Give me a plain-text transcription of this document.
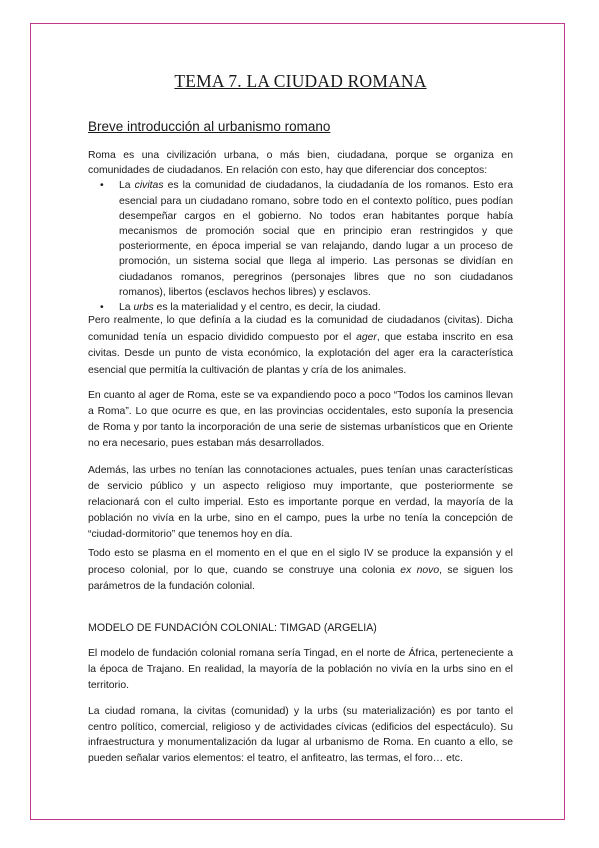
TEMA 7. LA CIUDAD ROMANA
Breve introducción al urbanismo romano

Roma es una civilización urbana, o más bien, ciudadana, porque se organiza en comunidades de ciudadanos. En relación con esto, hay que diferenciar dos conceptos:

• La civitas es la comunidad de ciudadanos, la ciudadanía de los romanos. Esto era esencial para un ciudadano romano, sobre todo en el contexto político, pues podían desempeñar cargos en el gobierno. No todos eran habitantes porque había mecanismos de promoción social que en principio eran restringidos y que posteriormente, en época imperial se van relajando, dando lugar a un proceso de promoción, un sistema social que llega al imperio. Las personas se dividían en ciudadanos romanos, peregrinos (personajes libres que no son ciudadanos romanos), libertos (esclavos hechos libres) y esclavos.
• La urbs es la materialidad y el centro, es decir, la ciudad.

Pero realmente, lo que definía a la ciudad es la comunidad de ciudadanos (civitas). Dicha comunidad tenía un espacio dividido compuesto por el ager, que estaba inscrito en esa civitas. Desde un punto de vista económico, la explotación del ager era la característica esencial que permitía la cultivación de plantas y cría de los animales.

En cuanto al ager de Roma, este se va expandiendo poco a poco “Todos los caminos llevan a Roma”. Lo que ocurre es que, en las provincias occidentales, esto suponía la presencia de Roma y por tanto la incorporación de una serie de sistemas urbanísticos que en Oriente no era necesario, pues estaban más desarrollados.

Además, las urbes no tenían las connotaciones actuales, pues tenían unas características de servicio público y un aspecto religioso muy importante, que posteriormente se relacionará con el culto imperial. Esto es importante porque en verdad, la mayoría de la población no vivía en la urbe, sino en el campo, pues la urbe no tenía la concepción de “ciudad-dormitorio” que tenemos hoy en día.

Todo esto se plasma en el momento en el que en el siglo IV se produce la expansión y el proceso colonial, por lo que, cuando se construye una colonia ex novo, se siguen los parámetros de la fundación colonial.

MODELO DE FUNDACIÓN COLONIAL: TIMGAD (ARGELIA)

El modelo de fundación colonial romana sería Tingad, en el norte de África, perteneciente a la época de Trajano. En realidad, la mayoría de la población no vivía en la urbs sino en el territorio.

La ciudad romana, la civitas (comunidad) y la urbs (su materialización) es por tanto el centro político, comercial, religioso y de actividades cívicas (edificios del espectáculo). Su infraestructura y monumentalización da lugar al urbanismo de Roma. En cuanto a ello, se pueden señalar varios elementos: el teatro, el anfiteatro, las termas, el foro… etc.
